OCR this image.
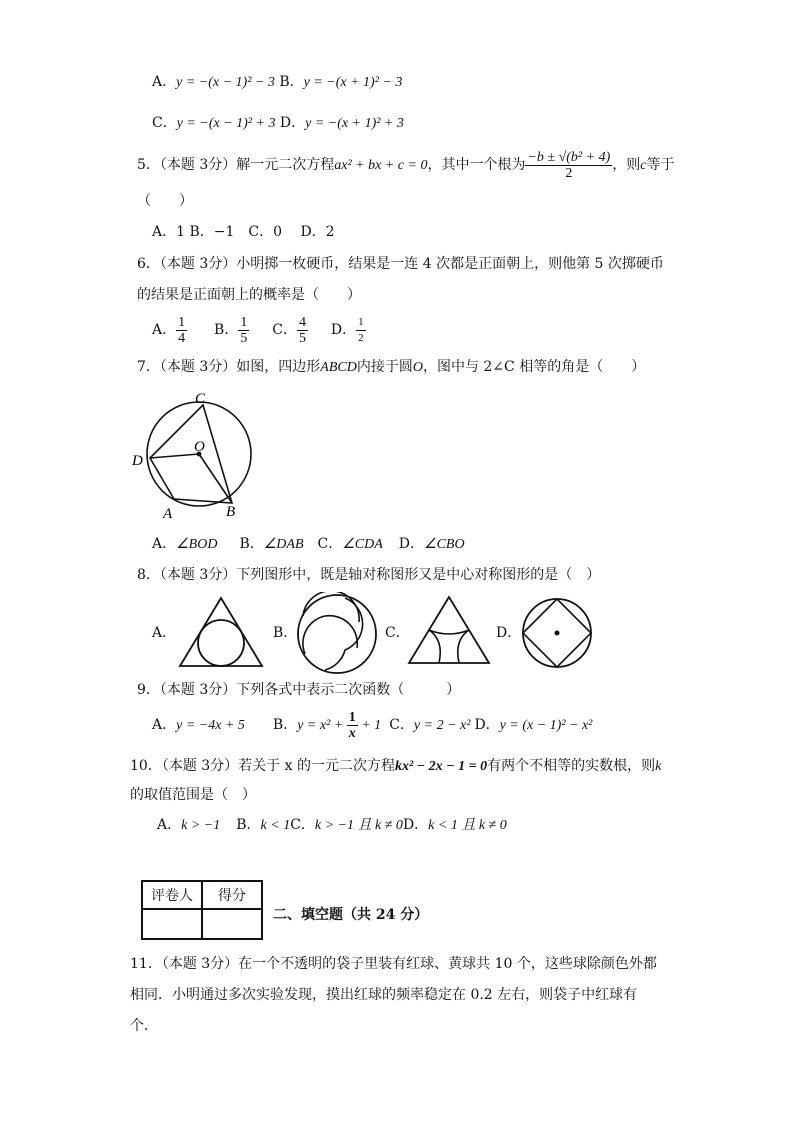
A．y = −(x − 1)² − 3 B．y = −(x + 1)² − 3
C．y = −(x − 1)² + 3 D．y = −(x + 1)² + 3
5．（本题 3分）解一元二次方程ax² + bx + c = 0，其中一个根为 $\frac{\text{−b ± √(b² + 4)}}{2}$ ，则c等于
（　　）
A．1 B．−1　C．0　 D．2
6．（本题 3分）小明掷一枚硬币，结果是一连 4 次都是正面朝上，则他第 5 次掷硬币
的结果是正面朝上的概率是（　　）
A． $\frac{1}{4}$ B． $\frac{1}{5}$ C． $\frac{4}{5}$ D． $\frac{1}{2}$
7．（本题 3分）如图，四边形ABCD内接于圆O，图中与 2∠C 相等的角是（　　）
C
O
D
A	B
A．∠BOD B．∠DAB C．∠CDA D．∠CBO
8．（本题 3分）下列图形中，既是轴对称图形又是中心对称图形的是（　）
A．	B．	C．	D．
9．（本题 3分）下列各式中表示二次函数（　　　）
A．y = −4x + 5 B．$y = x^2 + \frac{1}{x} + 1$ C．y = 2 − x² D．y = (x − 1)² − x²
10．（本题 3分）若关于 x 的一元二次方程kx² − 2x − 1 = 0有两个不相等的实数根，则k
的取值范围是（　）
A．k > −1 B．k < 1C．k > −1 且 k ≠ 0D．k < 1 且 k ≠ 0
评卷人	得分

二、填空题（共 24 分）
11．（本题 3分）在一个不透明的袋子里装有红球、黄球共 10 个，这些球除颜色外都
相同．小明通过多次实验发现，摸出红球的频率稳定在 0.2 左右，则袋子中红球有
个．
